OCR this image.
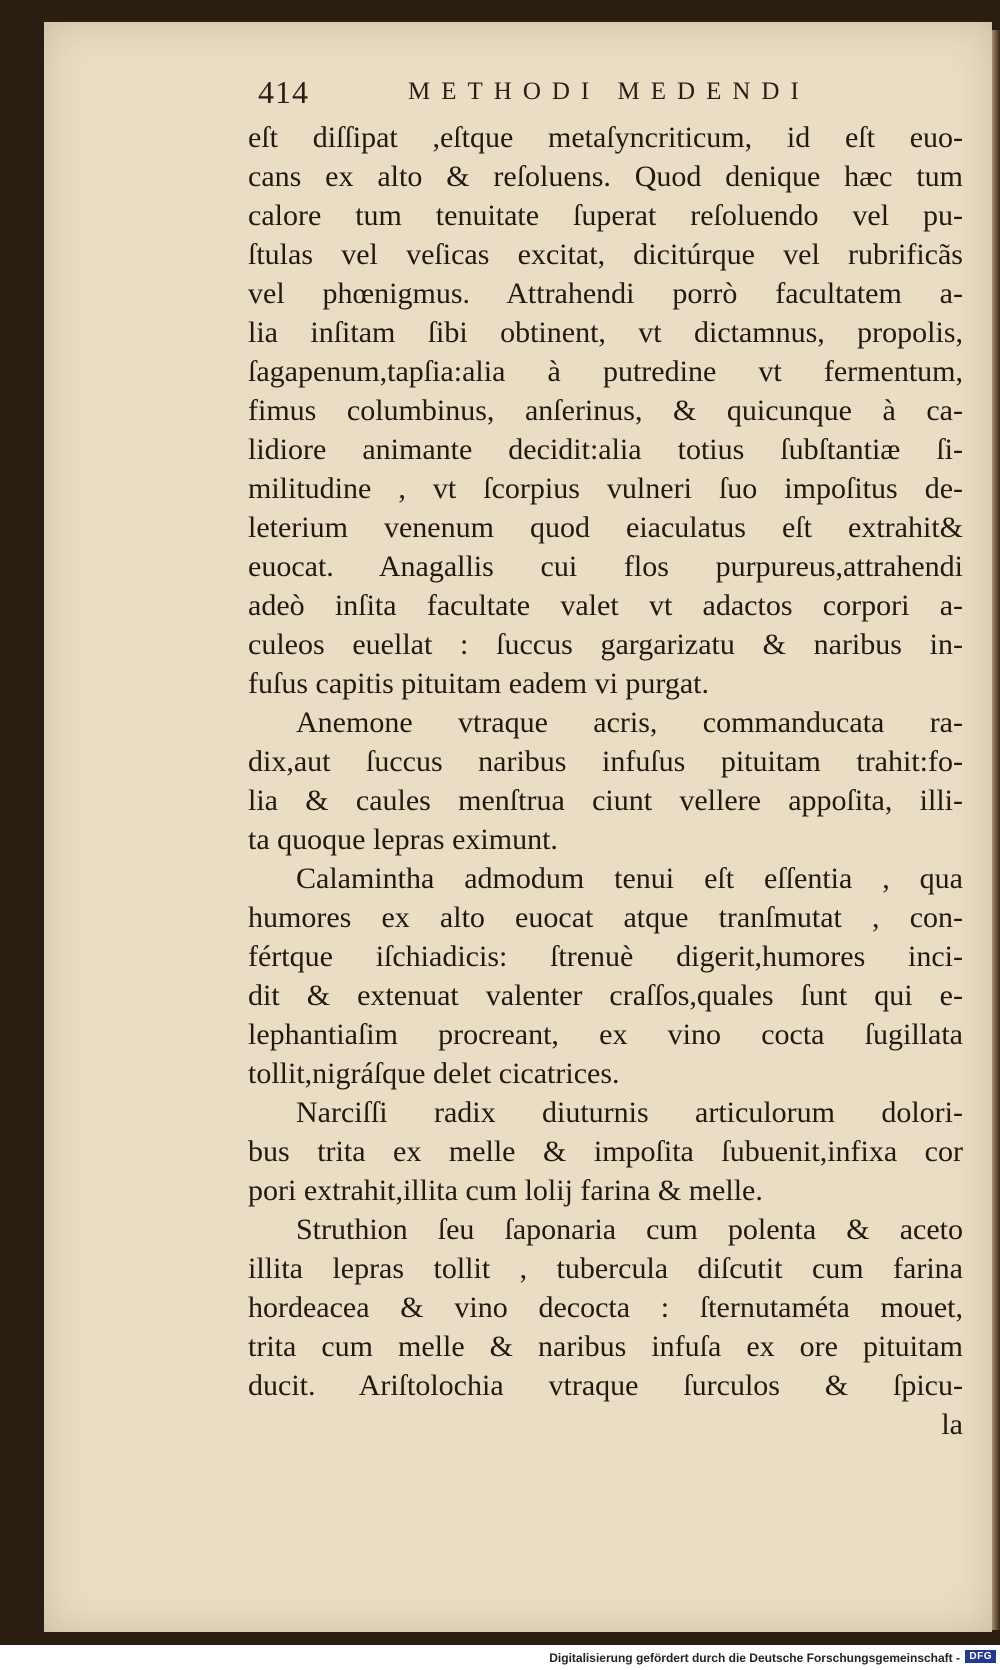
414	METHODI MEDENDI
eſt diſſipat ,eſtque metaſyncriticum, id eſt euo-
cans ex alto & reſoluens. Quod denique hæc tum
calore tum tenuitate ſuperat reſoluendo vel pu-
ſtulas vel veſicas excitat, dicitúrque vel rubrificãs
vel phœnigmus. Attrahendi porrò facultatem a-
lia inſitam ſibi obtinent, vt dictamnus, propolis,
ſagapenum,tapſia:alia à putredine vt fermentum,
fimus columbinus, anſerinus, & quicunque à ca-
lidiore animante decidit:alia totius ſubſtantiæ ſi-
militudine , vt ſcorpius vulneri ſuo impoſitus de-
leterium venenum quod eiaculatus eſt extrahit&
euocat. Anagallis cui flos purpureus,attrahendi
adeò inſita facultate valet vt adactos corpori a-
culeos euellat : ſuccus gargarizatu & naribus in-
fuſus capitis pituitam eadem vi purgat.
Anemone vtraque acris, commanducata ra-
dix,aut ſuccus naribus infuſus pituitam trahit:fo-
lia & caules menſtrua ciunt vellere appoſita, illi-
ta quoque lepras eximunt.
Calamintha admodum tenui eſt eſſentia , qua
humores ex alto euocat atque tranſmutat , con-
fértque iſchiadicis: ſtrenuè digerit,humores inci-
dit & extenuat valenter craſſos,quales ſunt qui e-
lephantiaſim procreant, ex vino cocta ſugillata
tollit,nigráſque delet cicatrices.
Narciſſi radix diuturnis articulorum dolori-
bus trita ex melle & impoſita ſubuenit,infixa cor
pori extrahit,illita cum lolij farina & melle.
Struthion ſeu ſaponaria cum polenta & aceto
illita lepras tollit , tubercula diſcutit cum farina
hordeacea & vino decocta : ſternutaméta mouet,
trita cum melle & naribus infuſa ex ore pituitam
ducit. Ariſtolochia vtraque ſurculos & ſpicu-
la
Digitalisierung gefördert durch die Deutsche Forschungsgemeinschaft - DFG
